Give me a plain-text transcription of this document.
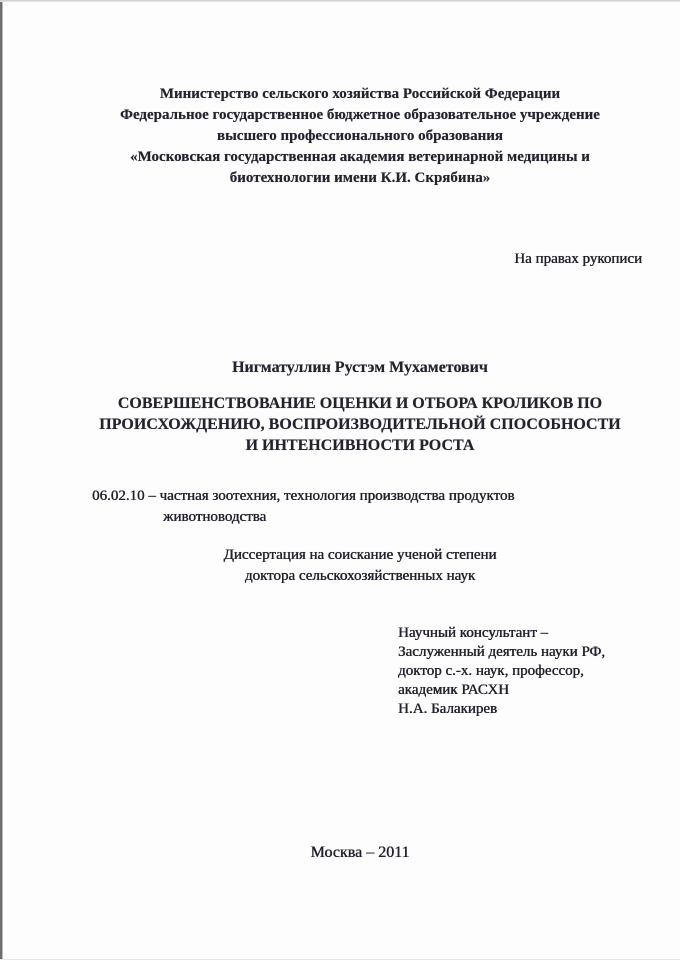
Министерство сельского хозяйства Российской Федерации
Федеральное государственное бюджетное образовательное учреждение
высшего профессионального образования
«Московская государственная академия ветеринарной медицины и
биотехнологии имени К.И. Скрябина»
На правах рукописи
Нигматуллин Рустэм Мухаметович
СОВЕРШЕНСТВОВАНИЕ ОЦЕНКИ И ОТБОРА КРОЛИКОВ ПО
ПРОИСХОЖДЕНИЮ, ВОСПРОИЗВОДИТЕЛЬНОЙ СПОСОБНОСТИ
И ИНТЕНСИВНОСТИ РОСТА
06.02.10 – частная зоотехния, технология производства продуктов
животноводства
Диссертация на соискание ученой степени
доктора сельскохозяйственных наук
Научный консультант –
Заслуженный деятель науки РФ,
доктор с.-х. наук, профессор,
академик РАСХН
Н.А. Балакирев
Москва – 2011
